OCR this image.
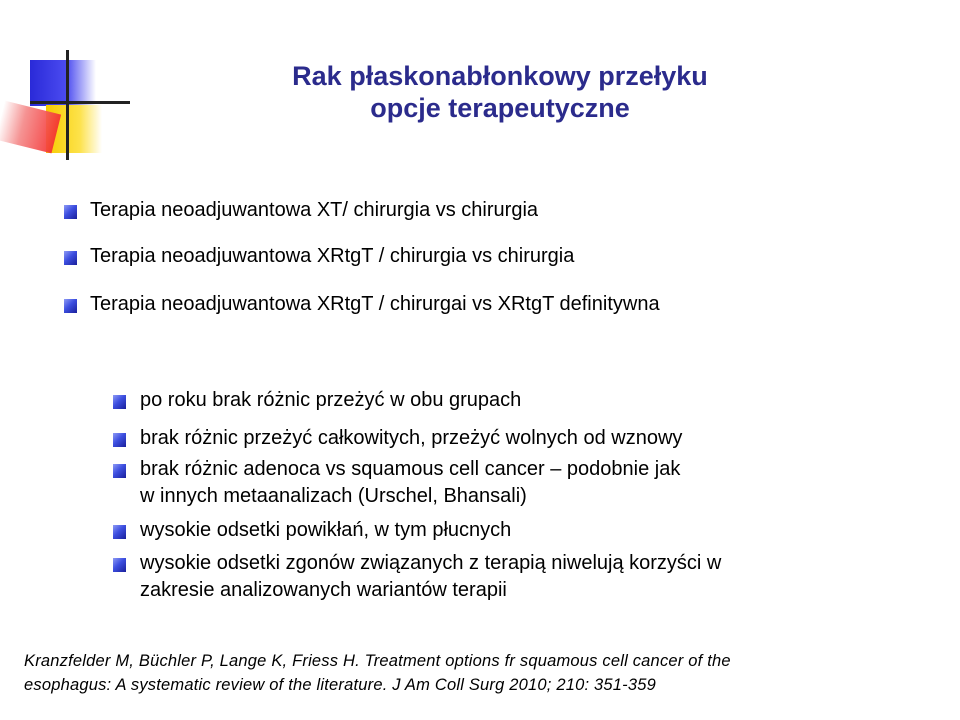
Rak płaskonabłonkowy przełyku
opcje terapeutyczne
Terapia neoadjuwantowa XT/ chirurgia vs chirurgia
Terapia neoadjuwantowa XRtgT / chirurgia vs chirurgia
Terapia neoadjuwantowa XRtgT / chirurgai vs XRtgT definitywna
po roku brak różnic przeżyć w obu grupach
brak różnic przeżyć całkowitych, przeżyć wolnych od wznowy
brak różnic adenoca vs squamous cell cancer – podobnie jak
w innych metaanalizach (Urschel, Bhansali)
wysokie odsetki powikłań, w tym płucnych
wysokie odsetki zgonów związanych z terapią niwelują korzyści w
zakresie analizowanych wariantów terapii
Kranzfelder M, Büchler P, Lange K, Friess H. Treatment options fr squamous cell cancer of the
esophagus: A systematic review of the literature. J Am Coll Surg 2010; 210: 351-359
